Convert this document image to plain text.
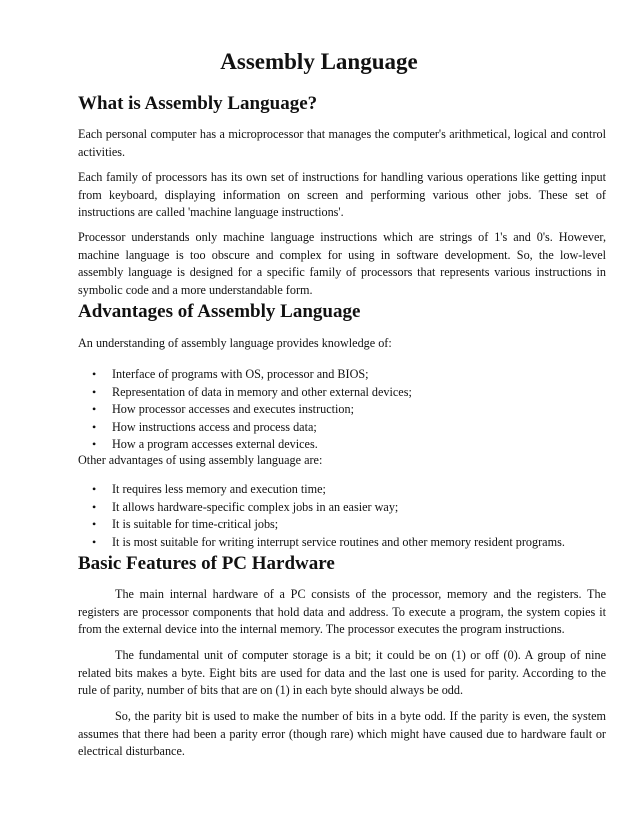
Assembly Language
What is Assembly Language?

Each personal computer has a microprocessor that manages the computer's arithmetical, logical and control activities.

Each family of processors has its own set of instructions for handling various operations like getting input from keyboard, displaying information on screen and performing various other jobs. These set of instructions are called 'machine language instructions'.

Processor understands only machine language instructions which are strings of 1's and 0's. However, machine language is too obscure and complex for using in software development. So, the low-level assembly language is designed for a specific family of processors that represents various instructions in symbolic code and a more understandable form.

Advantages of Assembly Language

An understanding of assembly language provides knowledge of:

• Interface of programs with OS, processor and BIOS;
• Representation of data in memory and other external devices;
• How processor accesses and executes instruction;
• How instructions access and process data;
• How a program accesses external devices.

Other advantages of using assembly language are:

• It requires less memory and execution time;
• It allows hardware-specific complex jobs in an easier way;
• It is suitable for time-critical jobs;
• It is most suitable for writing interrupt service routines and other memory resident programs.
Basic Features of PC Hardware

The main internal hardware of a PC consists of the processor, memory and the registers. The registers are processor components that hold data and address. To execute a program, the system copies it from the external device into the internal memory. The processor executes the program instructions.

The fundamental unit of computer storage is a bit; it could be on (1) or off (0). A group of nine related bits makes a byte. Eight bits are used for data and the last one is used for parity. According to the rule of parity, number of bits that are on (1) in each byte should always be odd.

So, the parity bit is used to make the number of bits in a byte odd. If the parity is even, the system assumes that there had been a parity error (though rare) which might have caused due to hardware fault or electrical disturbance.
